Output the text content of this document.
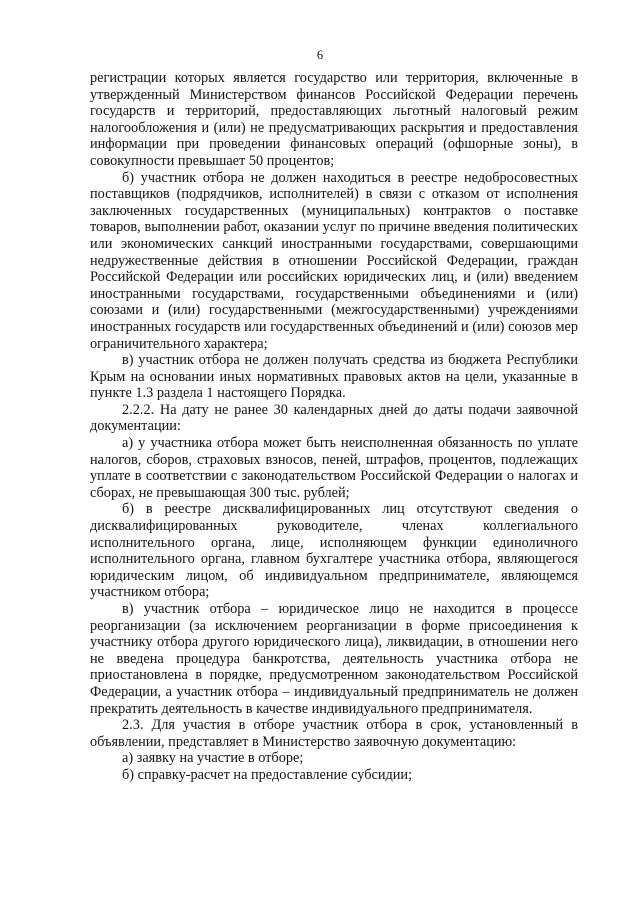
6

регистрации которых является государство или территория, включенные в утвержденный Министерством финансов Российской Федерации перечень государств и территорий, предоставляющих льготный налоговый режим налогообложения и (или) не предусматривающих раскрытия и предоставления информации при проведении финансовых операций (офшорные зоны), в совокупности превышает 50 процентов;

б) участник отбора не должен находиться в реестре недобросовестных поставщиков (подрядчиков, исполнителей) в связи с отказом от исполнения заключенных государственных (муниципальных) контрактов о поставке товаров, выполнении работ, оказании услуг по причине введения политических или экономических санкций иностранными государствами, совершающими недружественные действия в отношении Российской Федерации, граждан Российской Федерации или российских юридических лиц, и (или) введением иностранными государствами, государственными объединениями и (или) союзами и (или) государственными (межгосударственными) учреждениями иностранных государств или государственных объединений и (или) союзов мер ограничительного характера;

в) участник отбора не должен получать средства из бюджета Республики Крым на основании иных нормативных правовых актов на цели, указанные в пункте 1.3 раздела 1 настоящего Порядка.

2.2.2. На дату не ранее 30 календарных дней до даты подачи заявочной документации:

а) у участника отбора может быть неисполненная обязанность по уплате налогов, сборов, страховых взносов, пеней, штрафов, процентов, подлежащих уплате в соответствии с законодательством Российской Федерации о налогах и сборах, не превышающая 300 тыс. рублей;

б) в реестре дисквалифицированных лиц отсутствуют сведения о дисквалифицированных руководителе, членах коллегиального исполнительного органа, лице, исполняющем функции единоличного исполнительного органа, главном бухгалтере участника отбора, являющегося юридическим лицом, об индивидуальном предпринимателе, являющемся участником отбора;

в) участник отбора – юридическое лицо не находится в процессе реорганизации (за исключением реорганизации в форме присоединения к участнику отбора другого юридического лица), ликвидации, в отношении него не введена процедура банкротства, деятельность участника отбора не приостановлена в порядке, предусмотренном законодательством Российской Федерации, а участник отбора – индивидуальный предприниматель не должен прекратить деятельность в качестве индивидуального предпринимателя.

2.3. Для участия в отборе участник отбора в срок, установленный в объявлении, представляет в Министерство заявочную документацию:

а) заявку на участие в отборе;

б) справку-расчет на предоставление субсидии;
